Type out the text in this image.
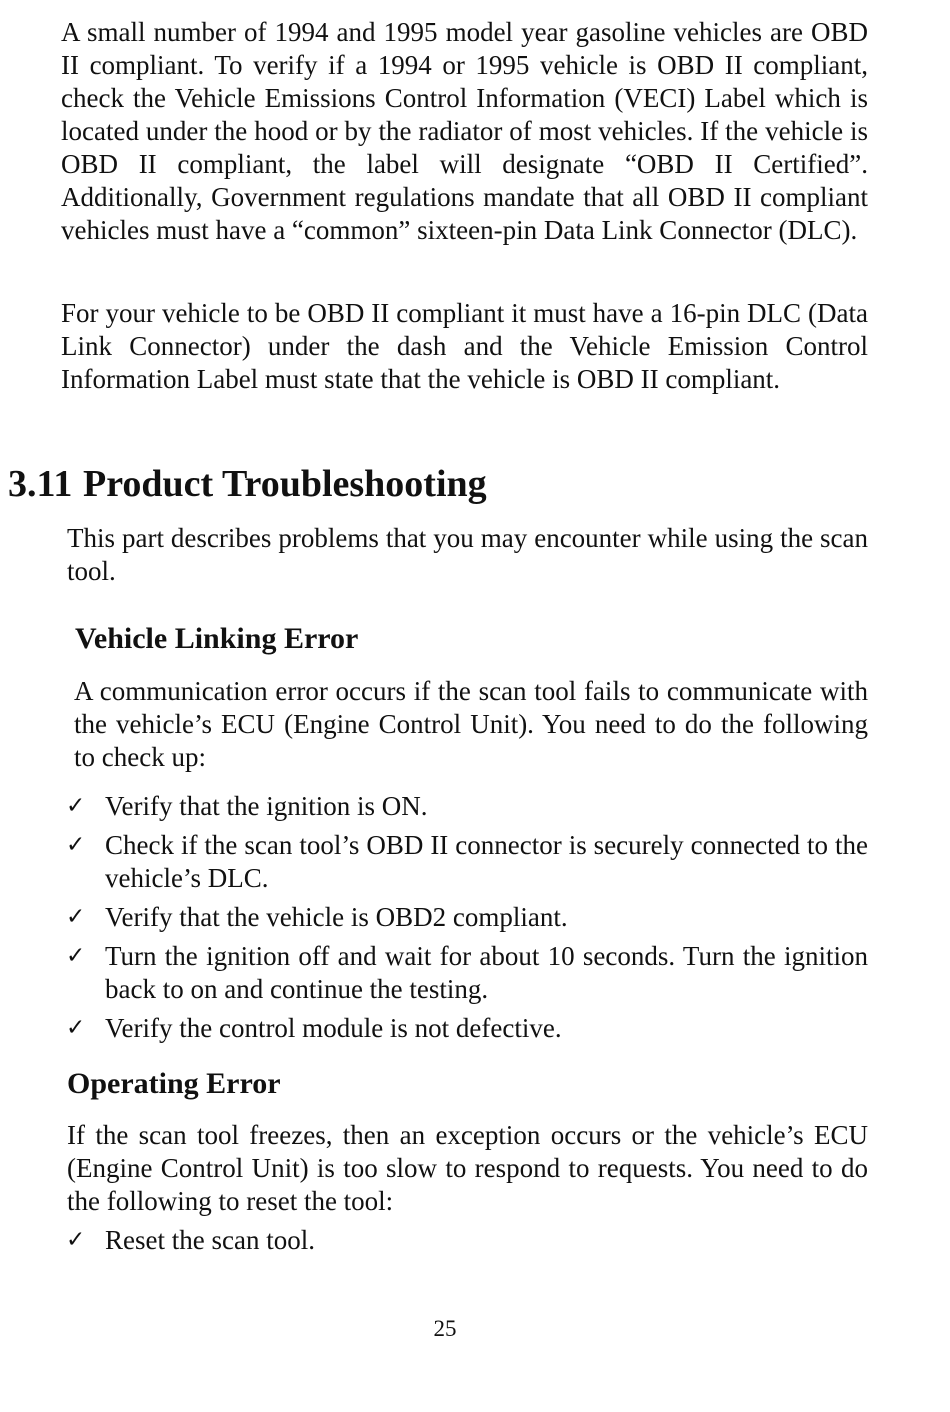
A small number of 1994 and 1995 model year gasoline vehicles are OBD II compliant. To verify if a 1994 or 1995 vehicle is OBD II compliant, check the Vehicle Emissions Control Information (VECI) Label which is located under the hood or by the radiator of most vehicles. If the vehicle is OBD II compliant, the label will designate “OBD II Certified”. Additionally, Government regulations mandate that all OBD II compliant vehicles must have a “common” sixteen-pin Data Link Connector (DLC).

For your vehicle to be OBD II compliant it must have a 16-pin DLC (Data Link Connector) under the dash and the Vehicle Emission Control Information Label must state that the vehicle is OBD II compliant.

3.11 Product Troubleshooting

This part describes problems that you may encounter while using the scan tool.

Vehicle Linking Error

A communication error occurs if the scan tool fails to communicate with the vehicle’s ECU (Engine Control Unit). You need to do the following to check up:

✓ Verify that the ignition is ON.
✓ Check if the scan tool’s OBD II connector is securely connected to the vehicle’s DLC.
✓ Verify that the vehicle is OBD2 compliant.
✓ Turn the ignition off and wait for about 10 seconds. Turn the ignition back to on and continue the testing.
✓ Verify the control module is not defective.
Operating Error

If the scan tool freezes, then an exception occurs or the vehicle’s ECU (Engine Control Unit) is too slow to respond to requests. You need to do the following to reset the tool:

✓ Reset the scan tool.
25
